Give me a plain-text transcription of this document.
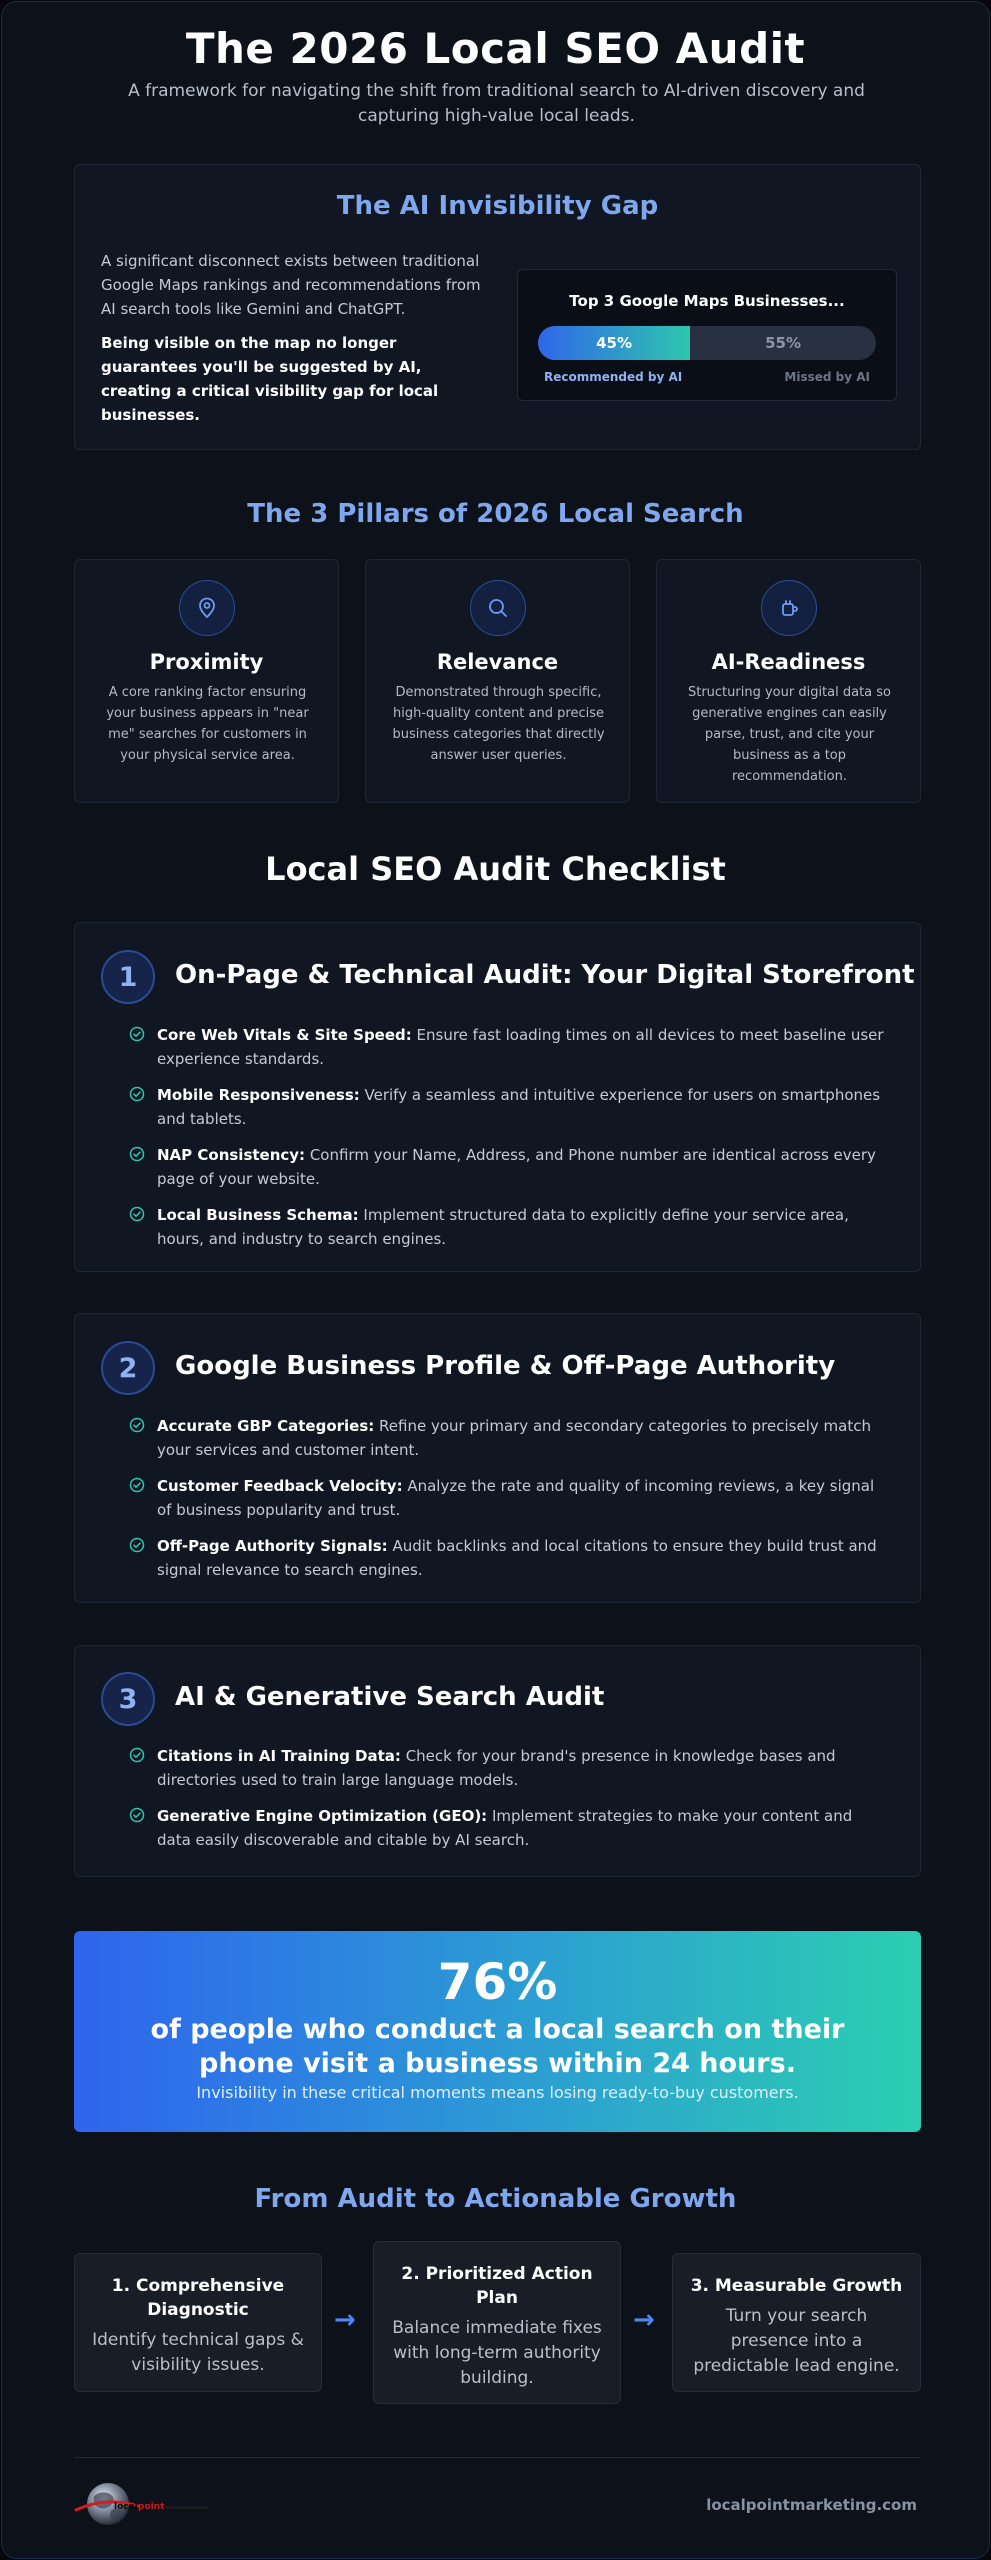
The 2026 Local SEO Audit
A framework for navigating the shift from traditional search to AI-driven discovery and capturing high-value local leads.
The AI Invisibility Gap
A significant disconnect exists between traditional Google Maps rankings and recommendations from AI search tools like Gemini and ChatGPT.
Being visible on the map no longer guarantees you'll be suggested by AI, creating a critical visibility gap for local businesses.
Top 3 Google Maps Businesses...
45%	55%
Recommended by AI	Missed by AI
The 3 Pillars of 2026 Local Search
Proximity
A core ranking factor ensuring your business appears in "near me" searches for customers in your physical service area.
Relevance
Demonstrated through specific, high-quality content and precise business categories that directly answer user queries.
AI-Readiness
Structuring your digital data so generative engines can easily parse, trust, and cite your business as a top recommendation.
Local SEO Audit Checklist
1	On-Page & Technical Audit: Your Digital Storefront
Core Web Vitals & Site Speed: Ensure fast loading times on all devices to meet baseline user experience standards.
Mobile Responsiveness: Verify a seamless and intuitive experience for users on smartphones and tablets.
NAP Consistency: Confirm your Name, Address, and Phone number are identical across every page of your website.
Local Business Schema: Implement structured data to explicitly define your service area, hours, and industry to search engines.
2	Google Business Profile & Off-Page Authority
Accurate GBP Categories: Refine your primary and secondary categories to precisely match your services and customer intent.
Customer Feedback Velocity: Analyze the rate and quality of incoming reviews, a key signal of business popularity and trust.
Off-Page Authority Signals: Audit backlinks and local citations to ensure they build trust and signal relevance to search engines.
3	AI & Generative Search Audit
Citations in AI Training Data: Check for your brand's presence in knowledge bases and directories used to train large language models.
Generative Engine Optimization (GEO): Implement strategies to make your content and data easily discoverable and citable by AI search.
76%
of people who conduct a local search on their phone visit a business within 24 hours.
Invisibility in these critical moments means losing ready-to-buy customers.
From Audit to Actionable Growth
1. Comprehensive Diagnostic
Identify technical gaps & visibility issues.
→
2. Prioritized Action Plan
Balance immediate fixes with long-term authority building.
→
3. Measurable Growth
Turn your search presence into a predictable lead engine.
local point	localpointmarketing.com
